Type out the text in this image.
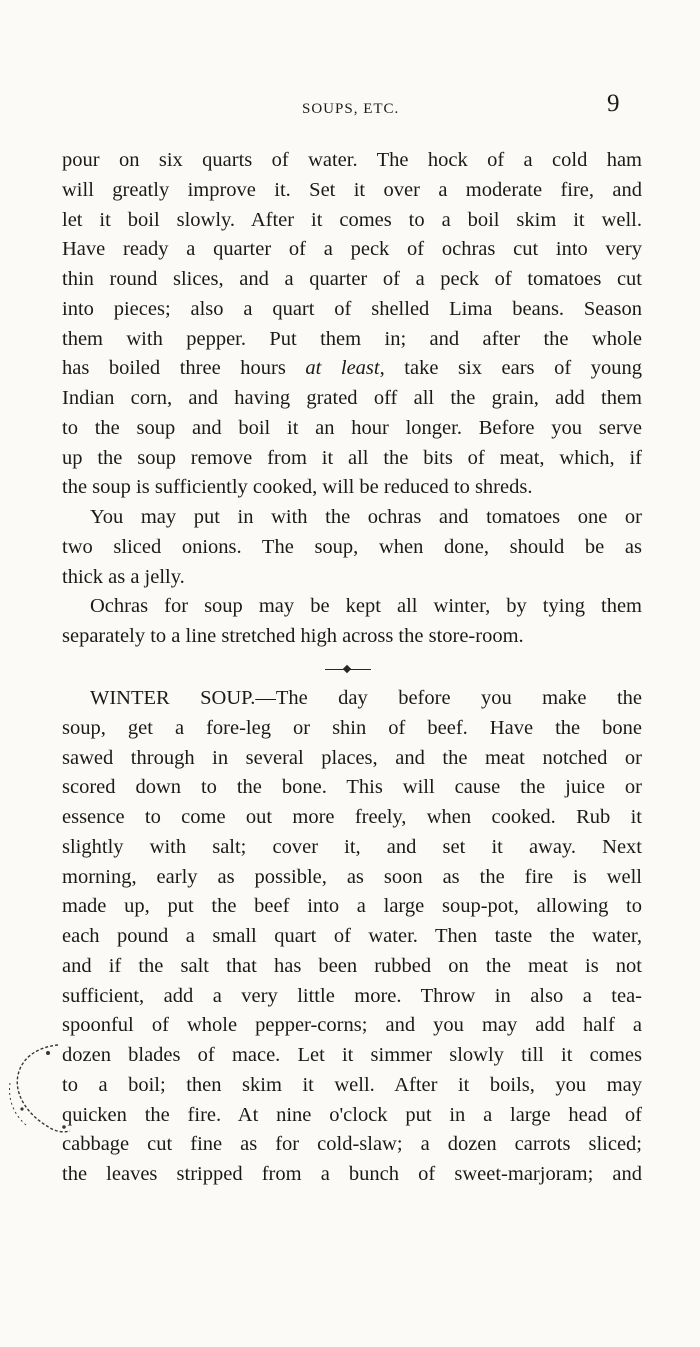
SOUPS, ETC.	9
pour on six quarts of water. The hock of a cold ham
will greatly improve it. Set it over a moderate fire, and
let it boil slowly. After it comes to a boil skim it well.
Have ready a quarter of a peck of ochras cut into very
thin round slices, and a quarter of a peck of tomatoes cut
into pieces; also a quart of shelled Lima beans. Season
them with pepper. Put them in; and after the whole
has boiled three hours at least, take six ears of young
Indian corn, and having grated off all the grain, add them
to the soup and boil it an hour longer. Before you serve
up the soup remove from it all the bits of meat, which, if
the soup is sufficiently cooked, will be reduced to shreds.
You may put in with the ochras and tomatoes one or
two sliced onions. The soup, when done, should be as
thick as a jelly.
Ochras for soup may be kept all winter, by tying them
separately to a line stretched high across the store-room.
WINTER SOUP.—The day before you make the
soup, get a fore-leg or shin of beef. Have the bone
sawed through in several places, and the meat notched or
scored down to the bone. This will cause the juice or
essence to come out more freely, when cooked. Rub it
slightly with salt; cover it, and set it away. Next
morning, early as possible, as soon as the fire is well
made up, put the beef into a large soup-pot, allowing to
each pound a small quart of water. Then taste the water,
and if the salt that has been rubbed on the meat is not
sufficient, add a very little more. Throw in also a tea-
spoonful of whole pepper-corns; and you may add half a
dozen blades of mace. Let it simmer slowly till it comes
to a boil; then skim it well. After it boils, you may
quicken the fire. At nine o'clock put in a large head of
cabbage cut fine as for cold-slaw; a dozen carrots sliced;
the leaves stripped from a bunch of sweet-marjoram; and
